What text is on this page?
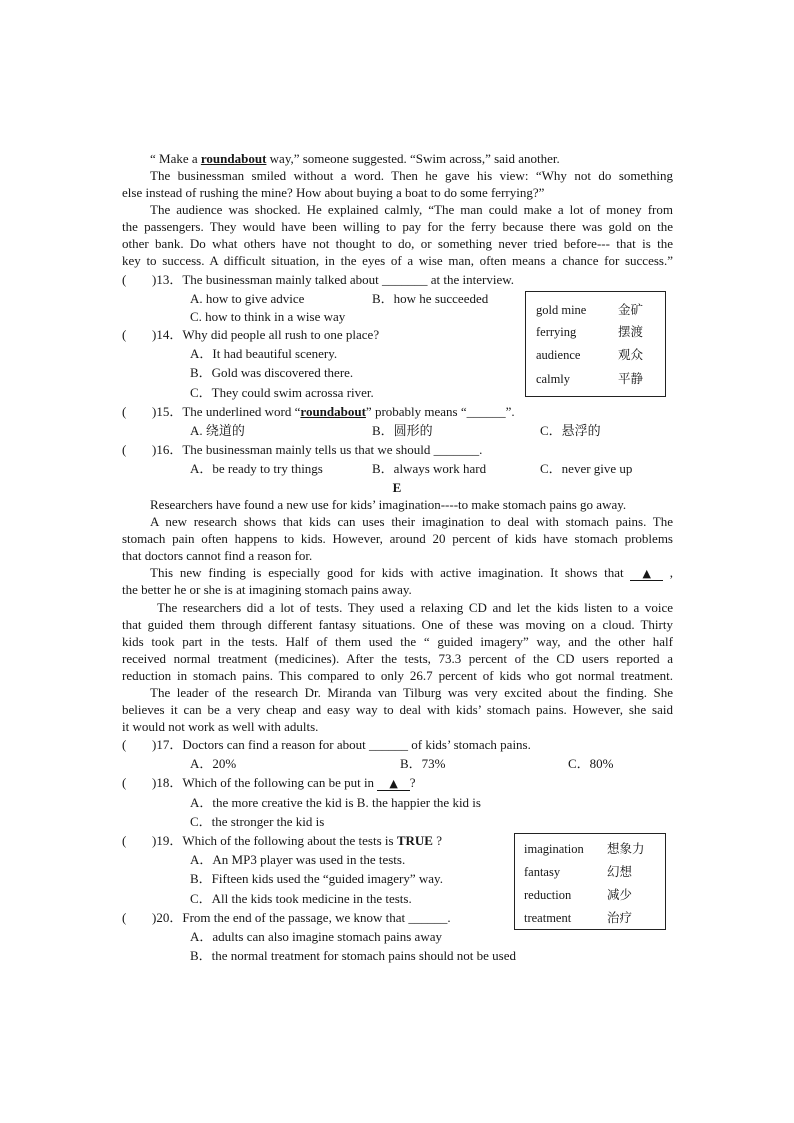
“ Make a roundabout way,” someone suggested. “Swim across,” said another.
The businessman smiled without a word. Then he gave his view: “Why not do something
else instead of rushing the mine? How about buying a boat to do some ferrying?”
The audience was shocked. He explained calmly, “The man could make a lot of money from
the passengers. They would have been willing to pay for the ferry because there was gold on the
other bank. Do what others have not thought to do, or something never tried before--- that is the
key to success. A difficult situation, in the eyes of a wise man, often means a chance for success.”
( )13．The businessman mainly talked about _______ at the interview.
A. how to give advice	B．how he succeeded
C. how to think in a wise way	gold mine	金矿
ferrying	摆渡
audience	观众
calmly	平静
( )14．Why did people all rush to one place?
A．It had beautiful scenery.
B．Gold was discovered there.
C．They could swim acrossa river.
( )15．The underlined word “roundabout” probably means “______”.
A. 绕道的	B．圆形的	C．悬浮的
( )16．The businessman mainly tells us that we should _______.
A．be ready to try things	B．always work hard	C．never give up
E
Researchers have found a new use for kids’ imagination----to make stomach pains go away.
A new research shows that kids can uses their imagination to deal with stomach pains. The
stomach pain often happens to kids. However, around 20 percent of kids have stomach problems
that doctors cannot find a reason for.
This new finding is especially good for kids with active imagination. It shows that ▲ ,
the better he or she is at imagining stomach pains away.
The researchers did a lot of tests. They used a relaxing CD and let the kids listen to a voice
that guided them through different fantasy situations. One of these was moving on a cloud. Thirty
kids took part in the tests. Half of them used the “ guided imagery” way, and the other half
received normal treatment (medicines). After the tests, 73.3 percent of the CD users reported a
reduction in stomach pains. This compared to only 26.7 percent of kids who got normal treatment.
The leader of the research Dr. Miranda van Tilburg was very excited about the finding. She
believes it can be a very cheap and easy way to deal with kids’ stomach pains. However, she said
it would not work as well with adults.
( )17．Doctors can find a reason for about ______ of kids’ stomach pains.
A．20%	B．73%	C．80%
( )18．Which of the following can be put in ▲ ?
A．the more creative the kid is B. the happier the kid is
C．the stronger the kid is
( )19．Which of the following about the tests is TRUE ?
A．An MP3 player was used in the tests.
B．Fifteen kids used the “guided imagery” way.
C．All the kids took medicine in the tests.
imagination 想象力
fantasy	幻想
reduction	减少
treatment	治疗
( )20．From the end of the passage, we know that ______.
A．adults can also imagine stomach pains away
B．the normal treatment for stomach pains should not be used
